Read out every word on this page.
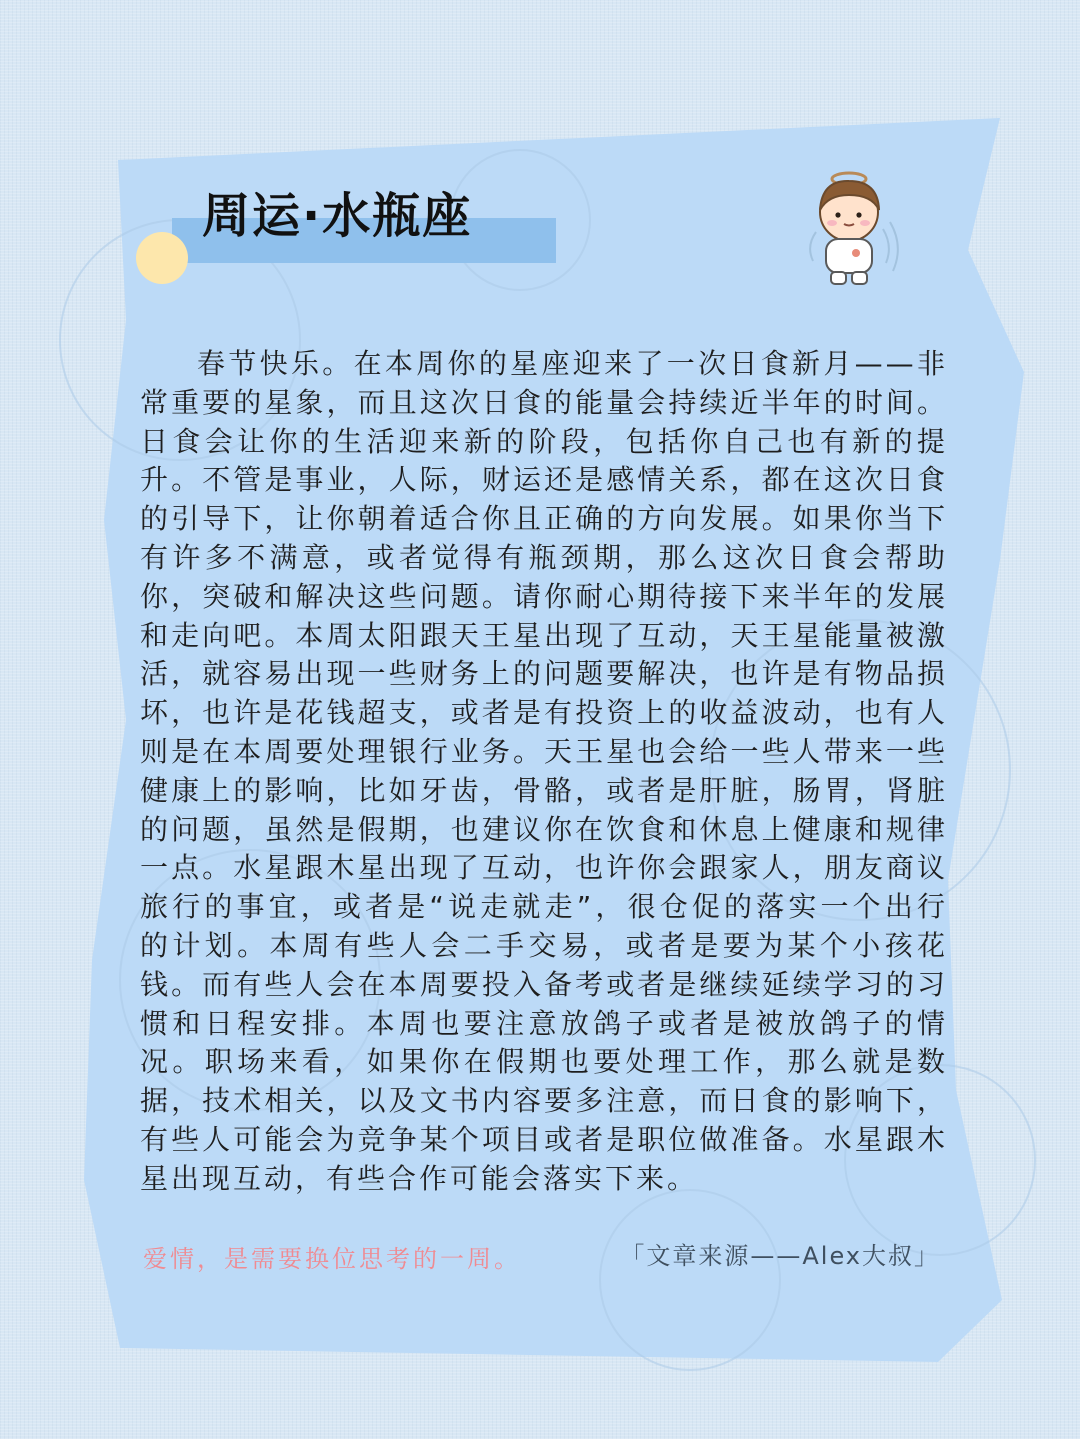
周运·水瓶座

春节快乐。在本周你的星座迎来了一次日食新月——非常重要的星象，而且这次日食的能量会持续近半年的时间。日食会让你的生活迎来新的阶段，包括你自己也有新的提升。不管是事业，人际，财运还是感情关系，都在这次日食的引导下，让你朝着适合你且正确的方向发展。如果你当下有许多不满意，或者觉得有瓶颈期，那么这次日食会帮助你，突破和解决这些问题。请你耐心期待接下来半年的发展和走向吧。本周太阳跟天王星出现了互动，天王星能量被激活，就容易出现一些财务上的问题要解决，也许是有物品损坏，也许是花钱超支，或者是有投资上的收益波动，也有人则是在本周要处理银行业务。天王星也会给一些人带来一些健康上的影响，比如牙齿，骨骼，或者是肝脏，肠胃，肾脏的问题，虽然是假期，也建议你在饮食和休息上健康和规律一点。水星跟木星出现了互动，也许你会跟家人，朋友商议旅行的事宜，或者是“说走就走”，很仓促的落实一个出行的计划。本周有些人会二手交易，或者是要为某个小孩花钱。而有些人会在本周要投入备考或者是继续延续学习的习惯和日程安排。本周也要注意放鸽子或者是被放鸽子的情况。职场来看，如果你在假期也要处理工作，那么就是数据，技术相关，以及文书内容要多注意，而日食的影响下，有些人可能会为竞争某个项目或者是职位做准备。水星跟木星出现互动，有些合作可能会落实下来。

爱情，是需要换位思考的一周。	「文章来源——Alex大叔」
